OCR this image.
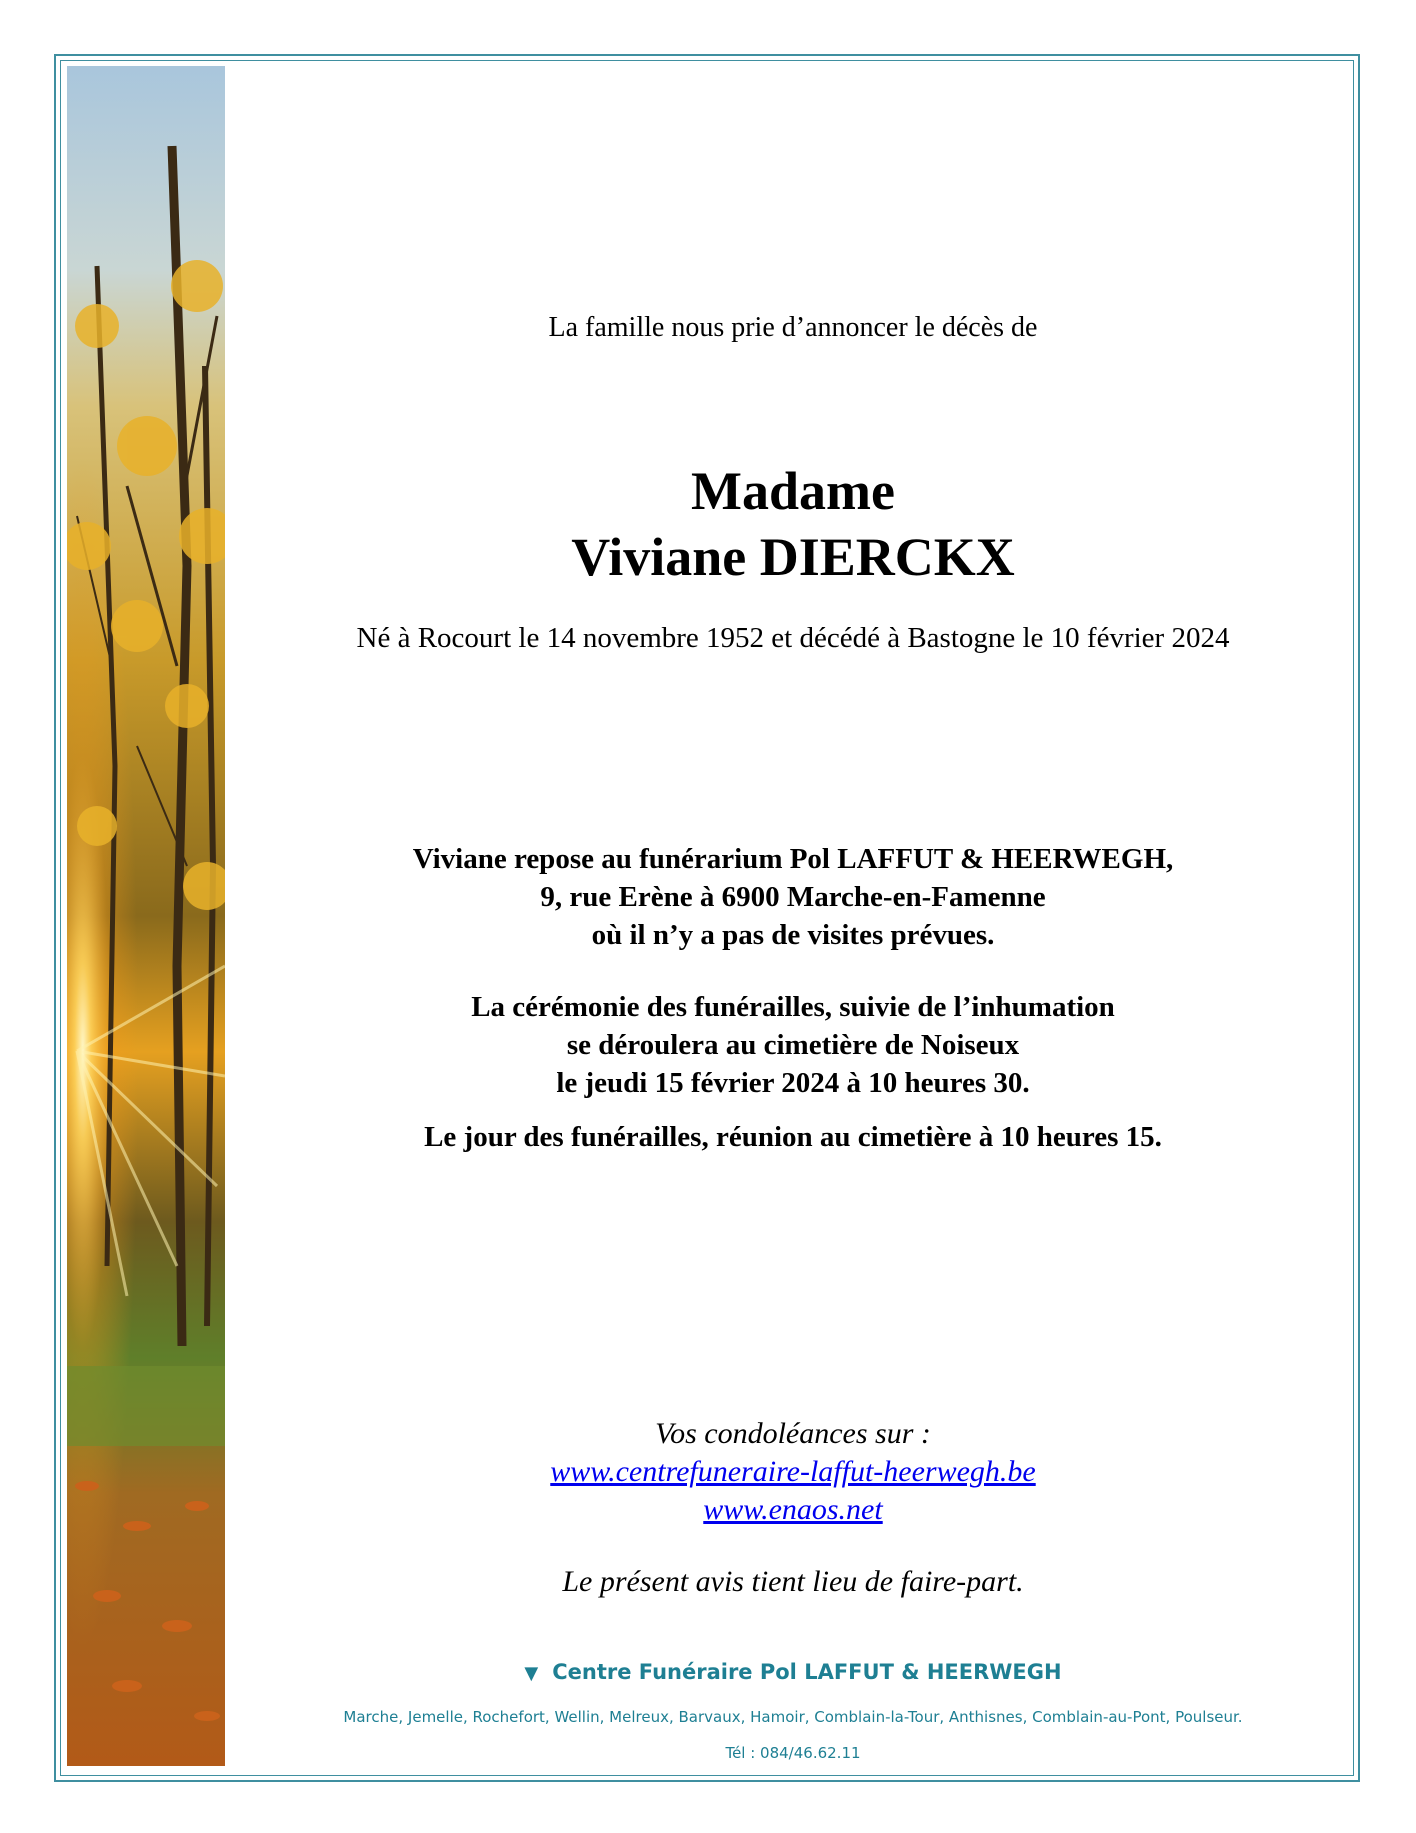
La famille nous prie d’annoncer le décès de
Madame
Viviane DIERCKX
Né à Rocourt le 14 novembre 1952 et décédé à Bastogne le 10 février 2024
Viviane repose au funérarium Pol LAFFUT & HEERWEGH,
9, rue Erène à 6900 Marche-en-Famenne
où il n’y a pas de visites prévues.
La cérémonie des funérailles, suivie de l’inhumation
se déroulera au cimetière de Noiseux
le jeudi 15 février 2024 à 10 heures 30.
Le jour des funérailles, réunion au cimetière à 10 heures 15.
Vos condoléances sur :
www.centrefuneraire-laffut-heerwegh.be
www.enaos.net
Le présent avis tient lieu de faire-part.
▼ Centre Funéraire Pol LAFFUT & HEERWEGH
Marche, Jemelle, Rochefort, Wellin, Melreux, Barvaux, Hamoir, Comblain-la-Tour, Anthisnes, Comblain-au-Pont, Poulseur.
Tél : 084/46.62.11
